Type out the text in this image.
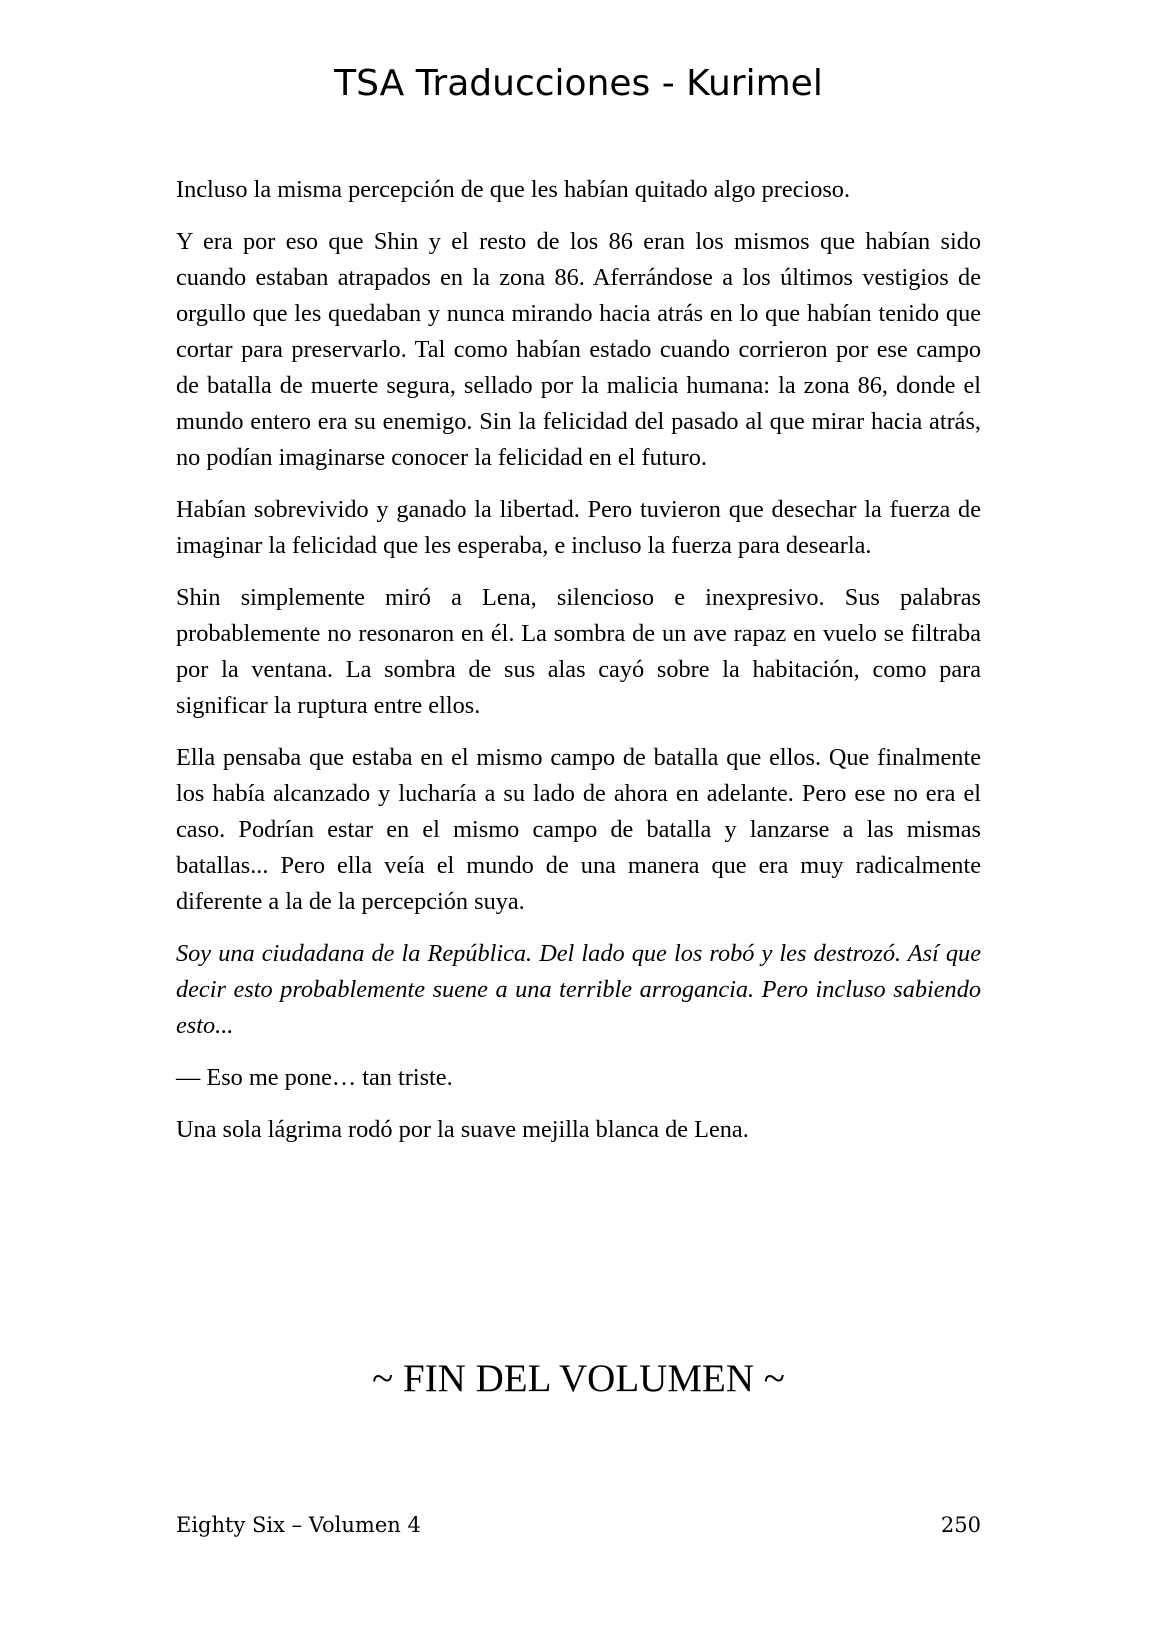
TSA Traducciones - Kurimel

Incluso la misma percepción de que les habían quitado algo precioso.

Y era por eso que Shin y el resto de los 86 eran los mismos que habían sido cuando estaban atrapados en la zona 86. Aferrándose a los últimos vestigios de orgullo que les quedaban y nunca mirando hacia atrás en lo que habían tenido que cortar para preservarlo. Tal como habían estado cuando corrieron por ese campo de batalla de muerte segura, sellado por la malicia humana: la zona 86, donde el mundo entero era su enemigo. Sin la felicidad del pasado al que mirar hacia atrás, no podían imaginarse conocer la felicidad en el futuro.

Habían sobrevivido y ganado la libertad. Pero tuvieron que desechar la fuerza de imaginar la felicidad que les esperaba, e incluso la fuerza para desearla.

Shin simplemente miró a Lena, silencioso e inexpresivo. Sus palabras probablemente no resonaron en él. La sombra de un ave rapaz en vuelo se filtraba por la ventana. La sombra de sus alas cayó sobre la habitación, como para significar la ruptura entre ellos.

Ella pensaba que estaba en el mismo campo de batalla que ellos. Que finalmente los había alcanzado y lucharía a su lado de ahora en adelante. Pero ese no era el caso. Podrían estar en el mismo campo de batalla y lanzarse a las mismas batallas... Pero ella veía el mundo de una manera que era muy radicalmente diferente a la de la percepción suya.

Soy una ciudadana de la República. Del lado que los robó y les destrozó. Así que decir esto probablemente suene a una terrible arrogancia. Pero incluso sabiendo esto...

— Eso me pone… tan triste.

Una sola lágrima rodó por la suave mejilla blanca de Lena.

~ FIN DEL VOLUMEN ~
Eighty Six – Volumen 4	250
